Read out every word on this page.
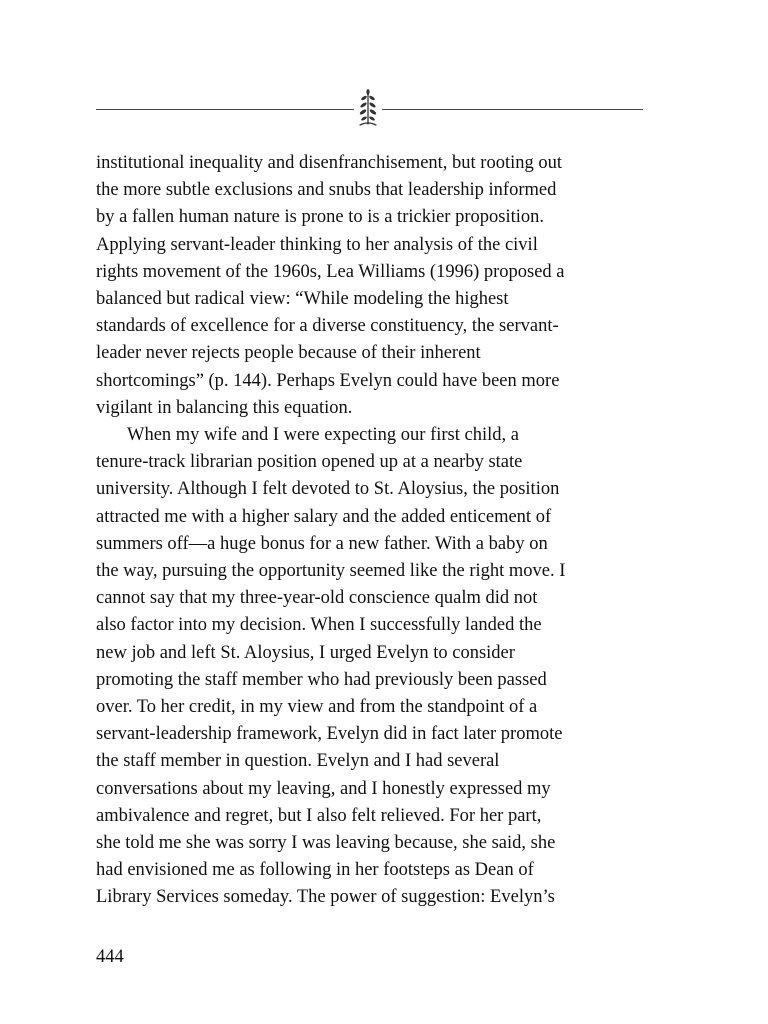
institutional inequality and disenfranchisement, but rooting out
the more subtle exclusions and snubs that leadership informed
by a fallen human nature is prone to is a trickier proposition.
Applying servant-leader thinking to her analysis of the civil
rights movement of the 1960s, Lea Williams (1996) proposed a
balanced but radical view: “While modeling the highest
standards of excellence for a diverse constituency, the servant-
leader never rejects people because of their inherent
shortcomings” (p. 144). Perhaps Evelyn could have been more
vigilant in balancing this equation.
When my wife and I were expecting our first child, a
tenure-track librarian position opened up at a nearby state
university. Although I felt devoted to St. Aloysius, the position
attracted me with a higher salary and the added enticement of
summers off—a huge bonus for a new father. With a baby on
the way, pursuing the opportunity seemed like the right move. I
cannot say that my three-year-old conscience qualm did not
also factor into my decision. When I successfully landed the
new job and left St. Aloysius, I urged Evelyn to consider
promoting the staff member who had previously been passed
over. To her credit, in my view and from the standpoint of a
servant-leadership framework, Evelyn did in fact later promote
the staff member in question. Evelyn and I had several
conversations about my leaving, and I honestly expressed my
ambivalence and regret, but I also felt relieved. For her part,
she told me she was sorry I was leaving because, she said, she
had envisioned me as following in her footsteps as Dean of
Library Services someday. The power of suggestion: Evelyn’s
444
